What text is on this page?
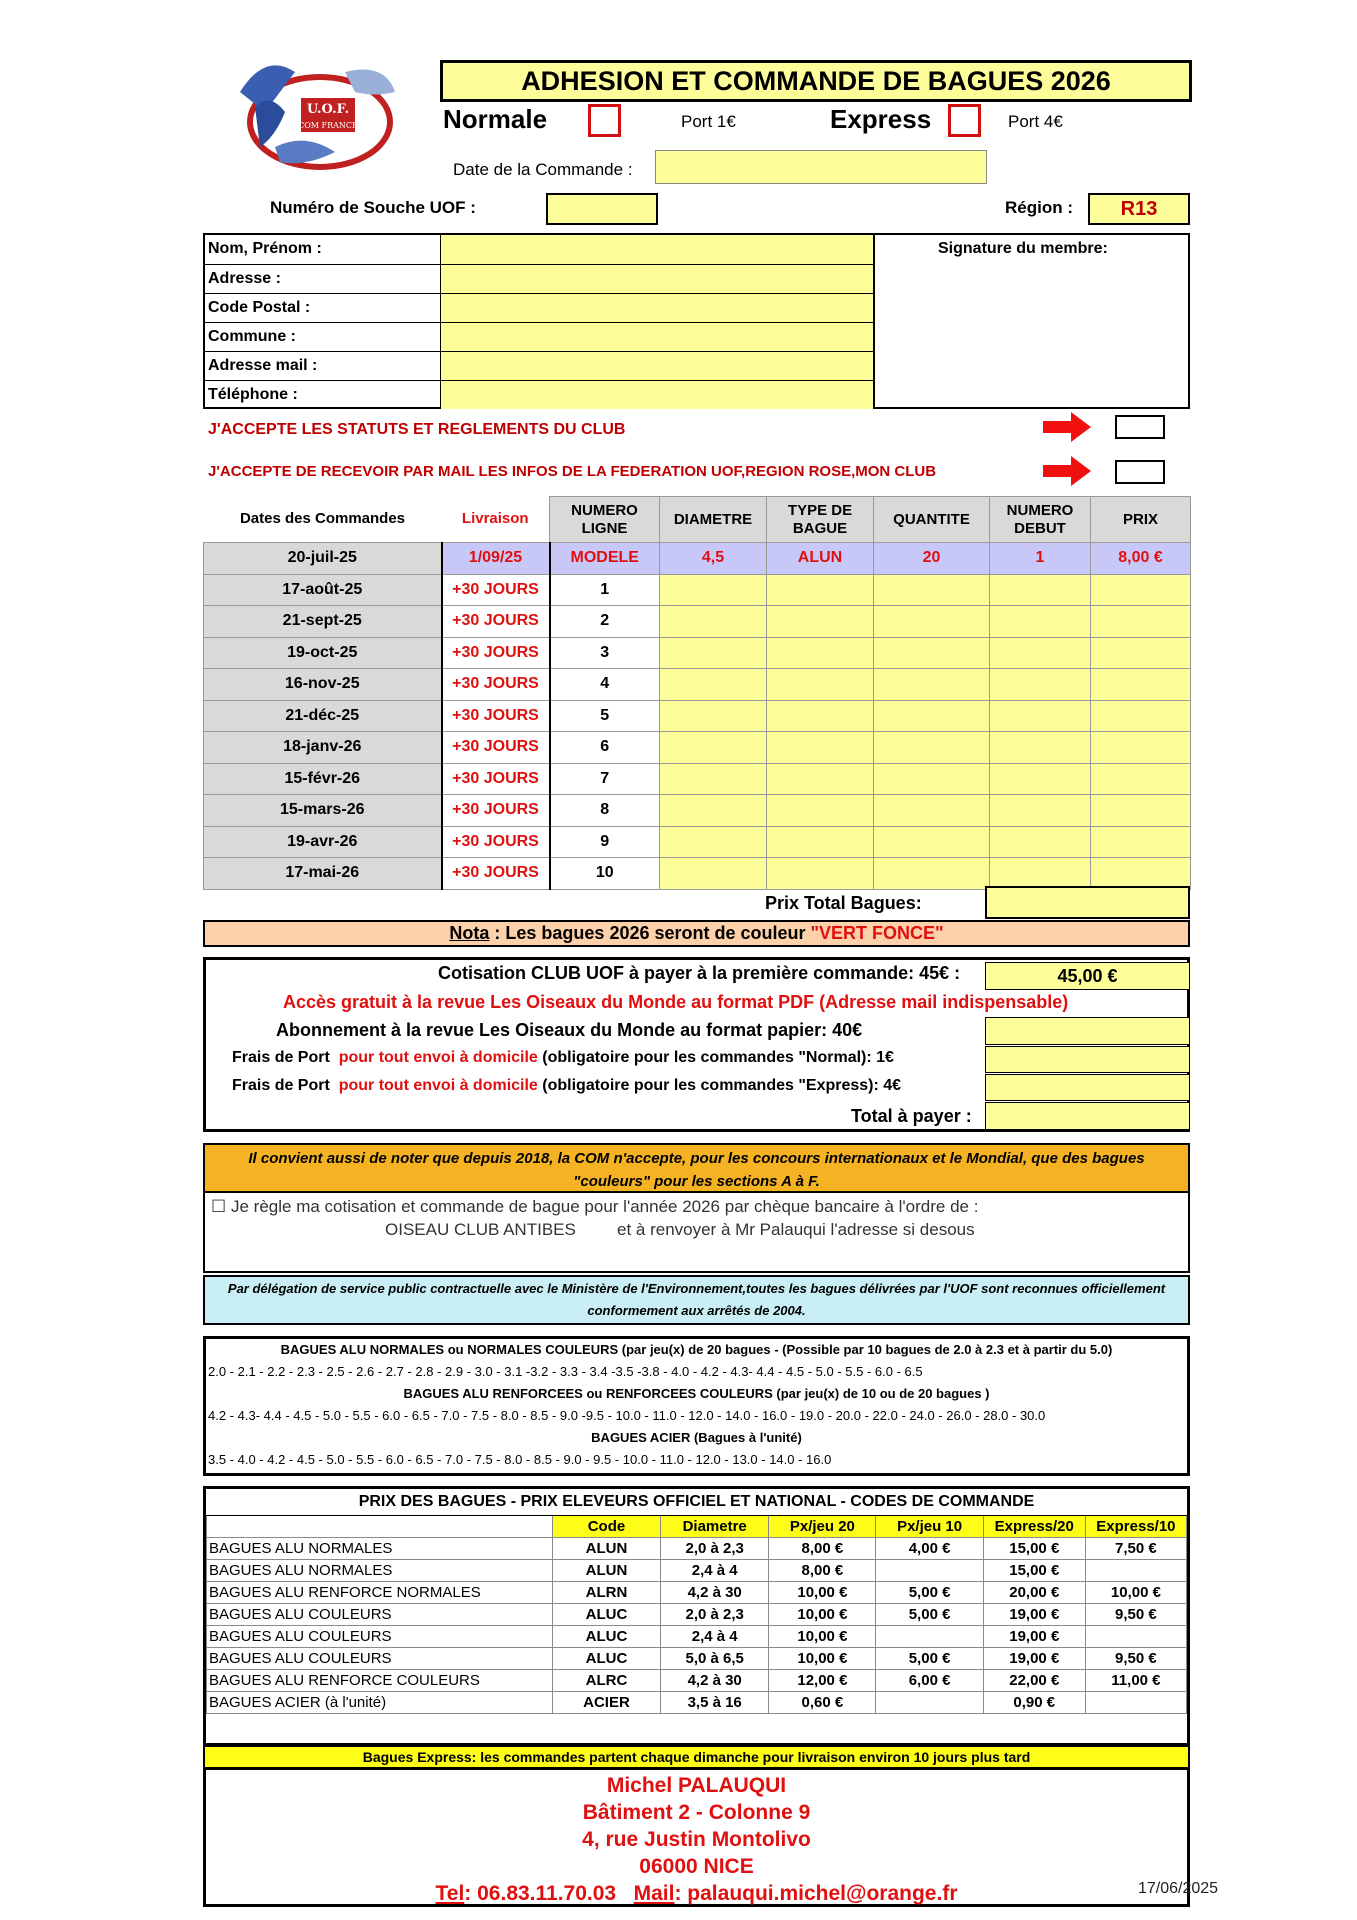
U.O.F.
COM FRANCE
ADHESION ET COMMANDE DE BAGUES 2026
Normale	Port 1€	Express	Port 4€
Date de la Commande :
Numéro de Souche UOF :	Région :	R13
Nom, Prénom :	
Adresse :	
Code Postal :	
Commune :	
Adresse mail :	
Téléphone :	
Signature du membre:
J'ACCEPTE LES STATUTS ET REGLEMENTS DU CLUB
J'ACCEPTE DE RECEVOIR PAR MAIL LES INFOS DE LA FEDERATION UOF,REGION ROSE,MON CLUB
Dates des Commandes	Livraison	NUMERO LIGNE	DIAMETRE	TYPE DE BAGUE	QUANTITE	NUMERO DEBUT	PRIX
20-juil-25	1/09/25	MODELE	4,5	ALUN	20	1	8,00 €
17-août-25	+30 JOURS	1					
21-sept-25	+30 JOURS	2					
19-oct-25	+30 JOURS	3					
16-nov-25	+30 JOURS	4					
21-déc-25	+30 JOURS	5					
18-janv-26	+30 JOURS	6					
15-févr-26	+30 JOURS	7					
15-mars-26	+30 JOURS	8					
19-avr-26	+30 JOURS	9					
17-mai-26	+30 JOURS	10					
Prix Total Bagues:
Nota : Les bagues 2026 seront de couleur "VERT FONCE"
Cotisation CLUB UOF à payer à la première commande: 45€ :	45,00 €
Accès gratuit à la revue Les Oiseaux du Monde au format PDF (Adresse mail indispensable)
Abonnement à la revue Les Oiseaux du Monde au format papier: 40€
Frais de Port pour tout envoi à domicile (obligatoire pour les commandes "Normal): 1€
Frais de Port pour tout envoi à domicile (obligatoire pour les commandes "Express): 4€
Total à payer :
Il convient aussi de noter que depuis 2018, la COM n'accepte, pour les concours internationaux et le Mondial, que des bagues "couleurs" pour les sections A à F.
☐ Je règle ma cotisation et commande de bague pour l'année 2026 par chèque bancaire à l'ordre de :
OISEAU CLUB ANTIBES et à renvoyer à Mr Palauqui l'adresse si desous
Par délégation de service public contractuelle avec le Ministère de l'Environnement,toutes les bagues délivrées par l'UOF sont reconnues officiellement conformement aux arrêtés de 2004.
BAGUES ALU NORMALES ou NORMALES COULEURS (par jeu(x) de 20 bagues - (Possible par 10 bagues de 2.0 à 2.3 et à partir du 5.0)
2.0 - 2.1 - 2.2 - 2.3 - 2.5 - 2.6 - 2.7 - 2.8 - 2.9 - 3.0 - 3.1 -3.2 - 3.3 - 3.4 -3.5 -3.8 - 4.0 - 4.2 - 4.3- 4.4 - 4.5 - 5.0 - 5.5 - 6.0 - 6.5
BAGUES ALU RENFORCEES ou RENFORCEES COULEURS (par jeu(x) de 10 ou de 20 bagues )
4.2 - 4.3- 4.4 - 4.5 - 5.0 - 5.5 - 6.0 - 6.5 - 7.0 - 7.5 - 8.0 - 8.5 - 9.0 -9.5 - 10.0 - 11.0 - 12.0 - 14.0 - 16.0 - 19.0 - 20.0 - 22.0 - 24.0 - 26.0 - 28.0 - 30.0
BAGUES ACIER (Bagues à l'unité)
3.5 - 4.0 - 4.2 - 4.5 - 5.0 - 5.5 - 6.0 - 6.5 - 7.0 - 7.5 - 8.0 - 8.5 - 9.0 - 9.5 - 10.0 - 11.0 - 12.0 - 13.0 - 14.0 - 16.0
PRIX DES BAGUES - PRIX ELEVEURS OFFICIEL ET NATIONAL - CODES DE COMMANDE						
	Code	Diametre	Px/jeu 20	Px/jeu 10	Express/20	Express/10
BAGUES ALU NORMALES	ALUN	2,0 à 2,3	8,00 €	4,00 €	15,00 €	7,50 €
BAGUES ALU NORMALES	ALUN	2,4 à 4	8,00 €		15,00 €	
BAGUES ALU RENFORCE NORMALES	ALRN	4,2 à 30	10,00 €	5,00 €	20,00 €	10,00 €
BAGUES ALU COULEURS	ALUC	2,0 à 2,3	10,00 €	5,00 €	19,00 €	9,50 €
BAGUES ALU COULEURS	ALUC	2,4 à 4	10,00 €		19,00 €	
BAGUES ALU COULEURS	ALUC	5,0 à 6,5	10,00 €	5,00 €	19,00 €	9,50 €
BAGUES ALU RENFORCE COULEURS	ALRC	4,2 à 30	12,00 €	6,00 €	22,00 €	11,00 €
BAGUES ACIER (à l'unité)	ACIER	3,5 à 16	0,60 €		0,90 €	
Bagues Express: les commandes partent chaque dimanche pour livraison environ 10 jours plus tard
Michel PALAUQUI
Bâtiment 2 - Colonne 9
4, rue Justin Montolivo
06000 NICE
Tel: 06.83.11.70.03 Mail: palauqui.michel@orange.fr	17/06/2025
